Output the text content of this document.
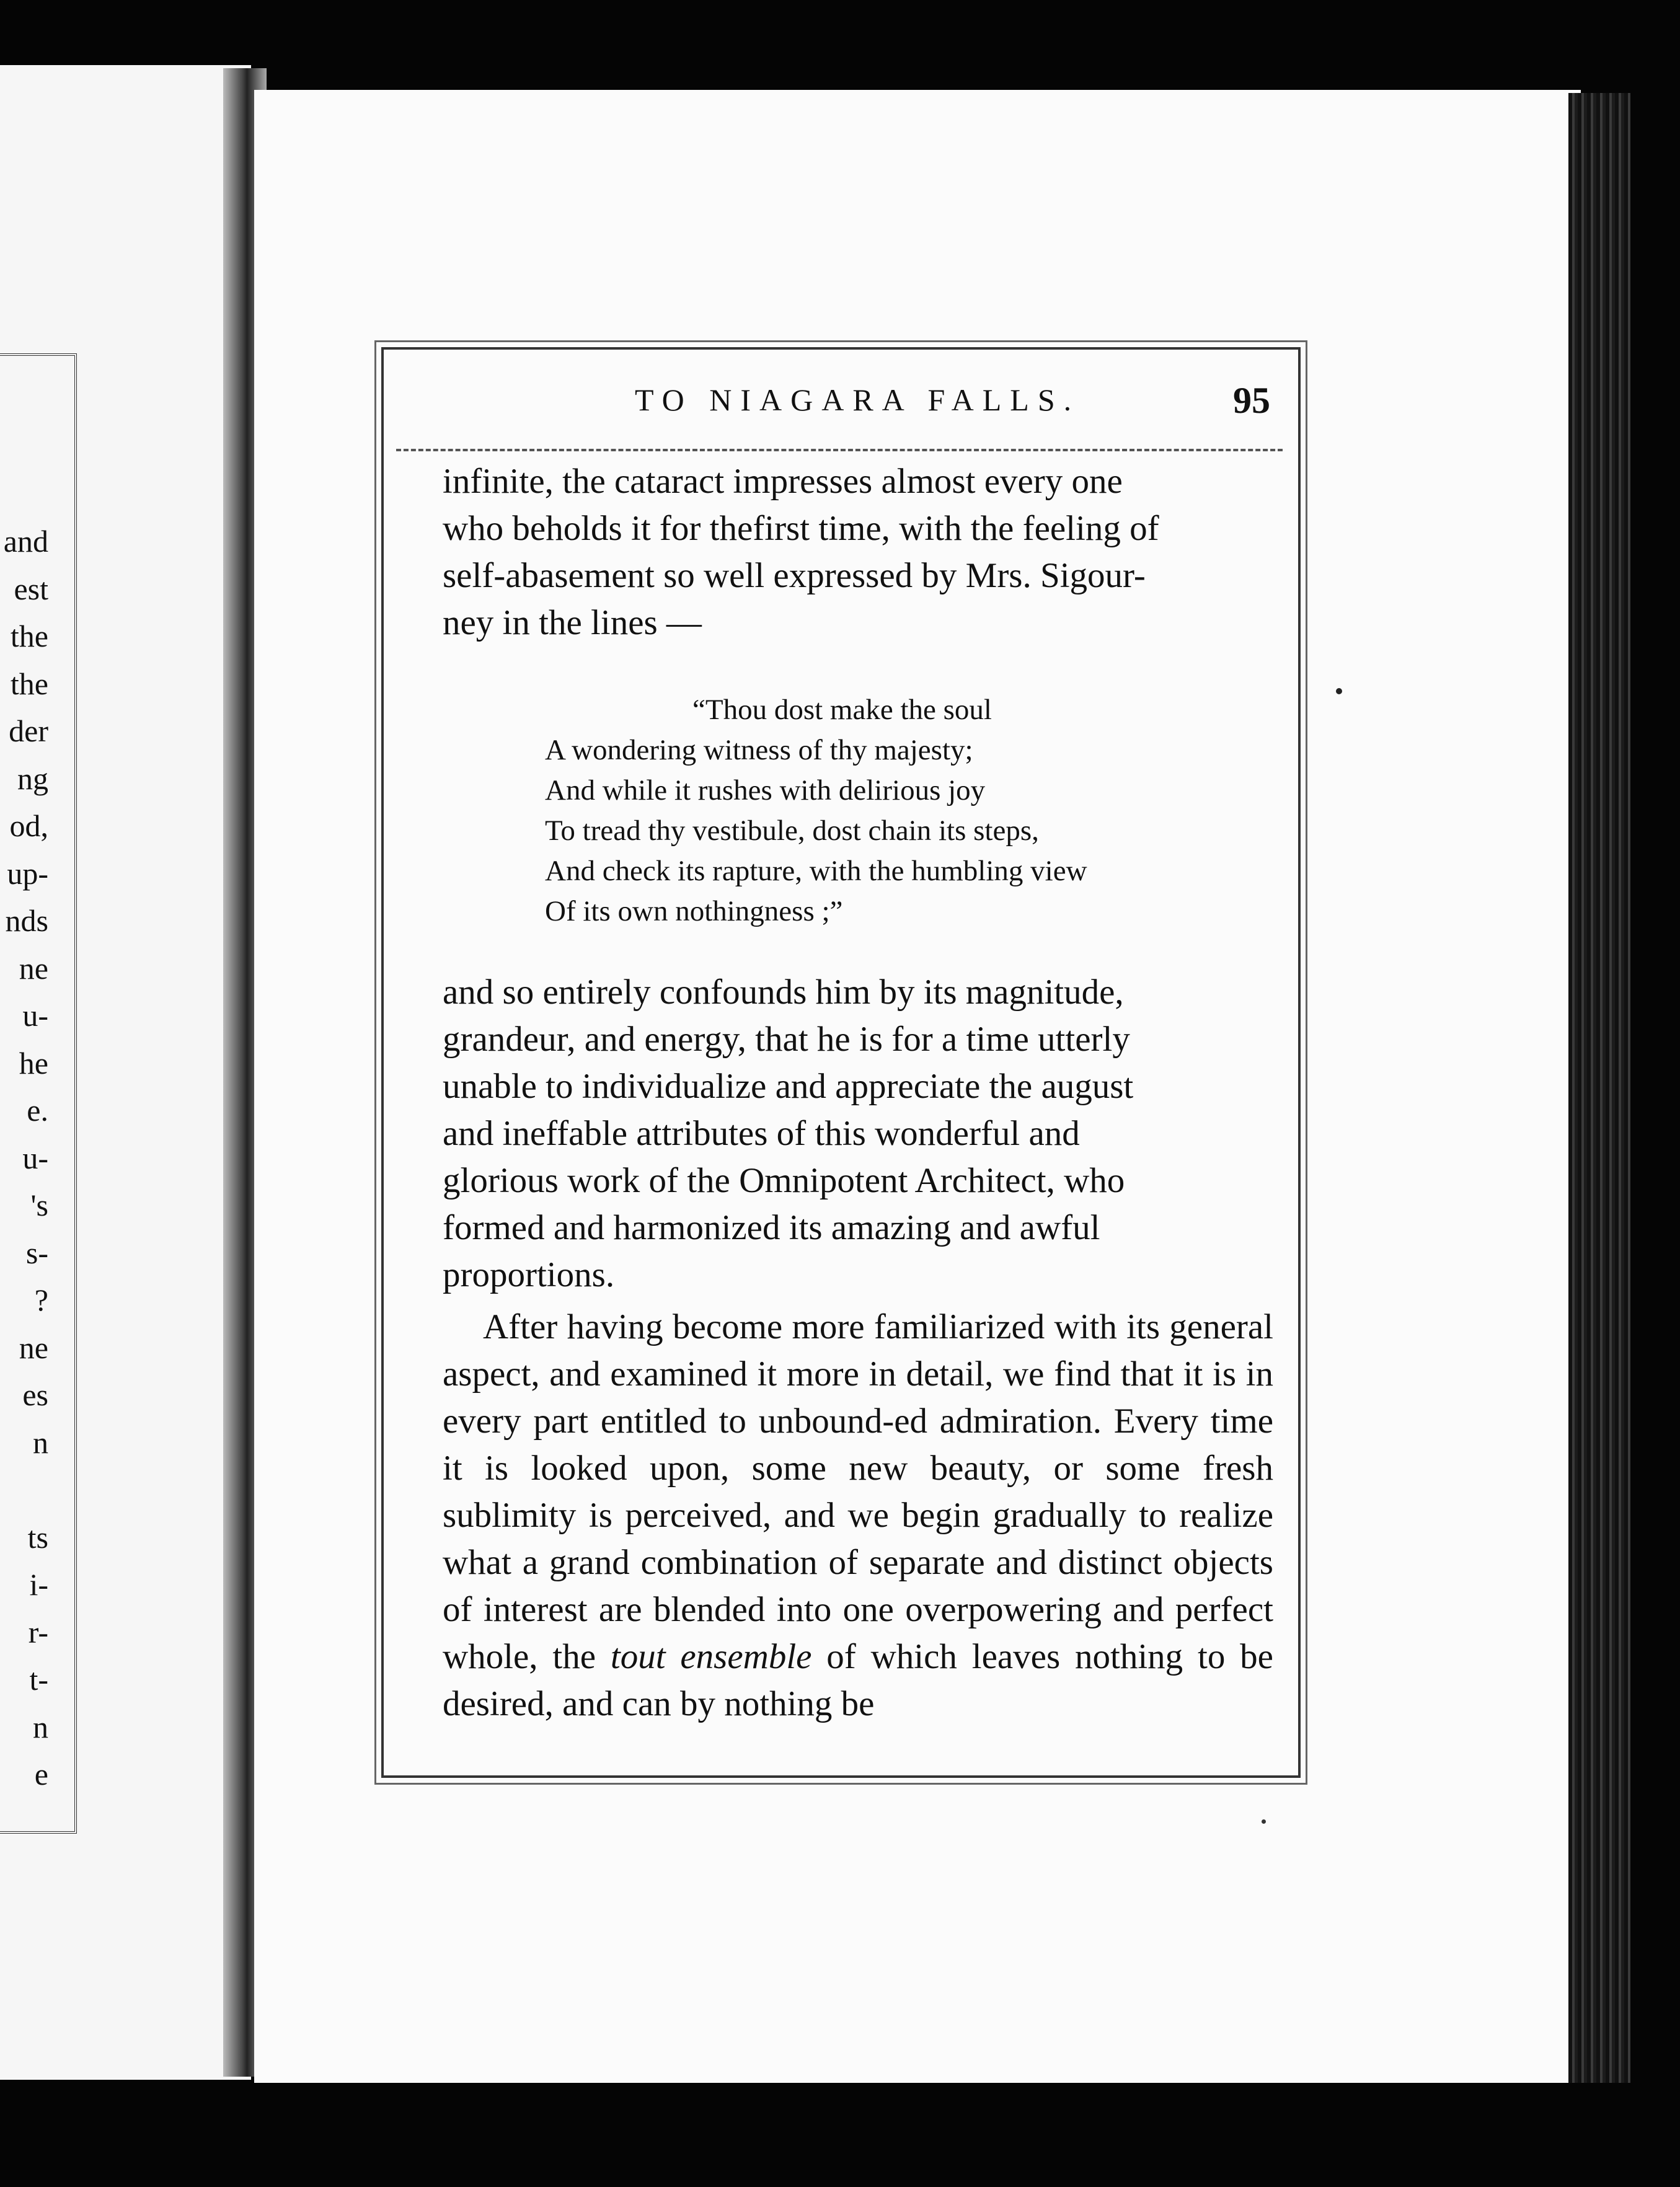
and
est
the
the
der
ng
od,
up-
nds
ne
u-
he
e.
u-
's
s-
?
ne
es
n
ts
i-
r-
t-
n
e
TO NIAGARA FALLS.	95
infinite, the cataract impresses almost every one
who beholds it for thefirst time, with the feeling of
self-abasement so well expressed by Mrs. Sigour-
ney in the lines —
“Thou dost make the soul
A wondering witness of thy majesty;
And while it rushes with delirious joy
To tread thy vestibule, dost chain its steps,
And check its rapture, with the humbling view
Of its own nothingness ;”
and so entirely confounds him by its magnitude,
grandeur, and energy, that he is for a time utterly
unable to individualize and appreciate the august
and ineffable attributes of this wonderful and
glorious work of the Omnipotent Architect, who
formed and harmonized its amazing and awful
proportions.

After having become more familiarized with its general aspect, and examined it more in detail, we find that it is in every part entitled to unbound-ed admiration. Every time it is looked upon, some new beauty, or some fresh sublimity is perceived, and we begin gradually to realize what a grand combination of separate and distinct objects of interest are blended into one overpowering and perfect whole, the tout ensemble of which leaves nothing to be desired, and can by nothing be
